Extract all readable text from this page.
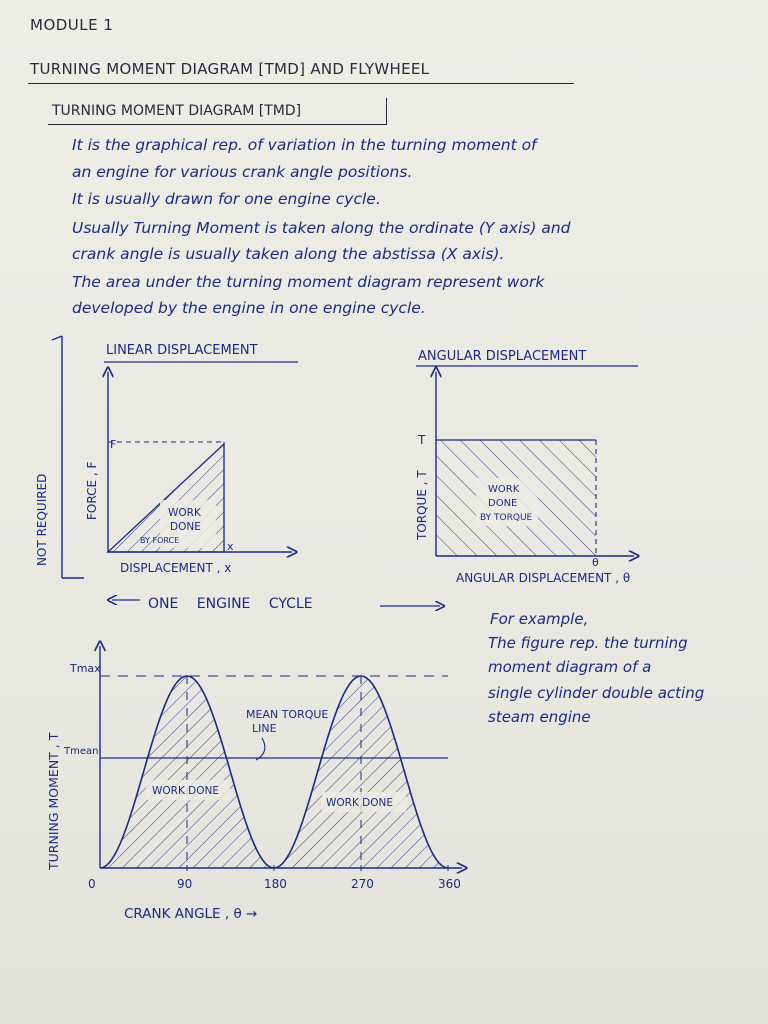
MODULE 1
TURNING MOMENT DIAGRAM [TMD] AND FLYWHEEL
TURNING MOMENT DIAGRAM [TMD]
It is the graphical rep. of variation in the turning moment of
an engine for various crank angle positions.
It is usually drawn for one engine cycle.
Usually Turning Moment is taken along the ordinate (Y axis) and
crank angle is usually taken along the abstissa (X axis).
The area under the turning moment diagram represent work
developed by the engine in one engine cycle.
NOT REQUIRED
LINEAR DISPLACEMENT
F
x
FORCE , F
DISPLACEMENT , x
WORK
DONE
BY FORCE
ANGULAR DISPLACEMENT
T
θ
TORQUE , T
ANGULAR DISPLACEMENT , θ
WORK
DONE
BY TORQUE
ONE ENGINE CYCLE
0	90	180	270	360
TURNING MOMENT , T
Tmax
Tmean
MEAN TORQUE
LINE
WORK DONE
WORK DONE
CRANK ANGLE , θ →
For example,
The figure rep. the turning
moment diagram of a
single cylinder double acting
steam engine
